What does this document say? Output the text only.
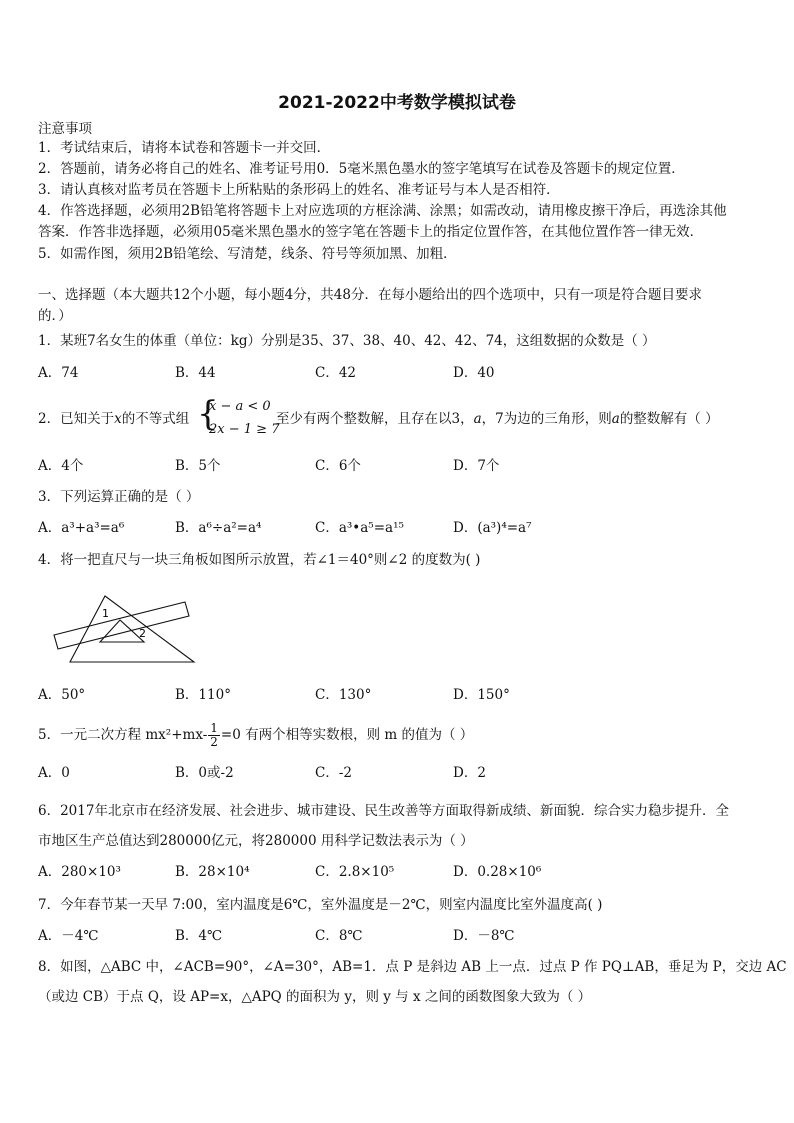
2021-2022中考数学模拟试卷
注意事项
1．考试结束后，请将本试卷和答题卡一并交回．
2．答题前，请务必将自己的姓名、准考证号用0．5毫米黑色墨水的签字笔填写在试卷及答题卡的规定位置．
3．请认真核对监考员在答题卡上所粘贴的条形码上的姓名、准考证号与本人是否相符．
4．作答选择题，必须用2B铅笔将答题卡上对应选项的方框涂满、涂黑；如需改动，请用橡皮擦干净后，再选涂其他
答案．作答非选择题，必须用05毫米黑色墨水的签字笔在答题卡上的指定位置作答，在其他位置作答一律无效．
5．如需作图，须用2B铅笔绘、写清楚，线条、符号等须加黑、加粗．
一、选择题（本大题共12个小题，每小题4分，共48分．在每小题给出的四个选项中，只有一项是符合题目要求
的．）
1．某班7名女生的体重（单位：kg）分别是35、37、38、40、42、42、74，这组数据的众数是（ ）
A．74	B．44	C．42	D．40
2．已知关于x的不等式组 {
x − a < 0
2x − 1 ≥ 7
至少有两个整数解，且存在以3，a，7为边的三角形，则a的整数解有（ ）
A．4个	B．5个	C．6个	D．7个
3．下列运算正确的是（ ）
A．a³+a³=a⁶	B．a⁶÷a²=a⁴	C．a³•a⁵=a¹⁵	D．(a³)⁴=a⁷
4．将一把直尺与一块三角板如图所示放置，若∠1＝40°则∠2 的度数为( )
1
2
A．50°	B．110°	C．130°	D．150°
5．一元二次方程 $mx^2+mx- \frac{1}{2} =0$ 有两个相等实数根，则 m 的值为（ ）
A．0	B．0或-2	C．-2	D．2
6．2017年北京市在经济发展、社会进步、城市建设、民生改善等方面取得新成绩、新面貌．综合实力稳步提升．全
市地区生产总值达到280000亿元，将280000 用科学记数法表示为（ ）
A．280×10³	B．28×10⁴	C．2.8×10⁵	D．0.28×10⁶
7．今年春节某一天早 7:00，室内温度是6℃，室外温度是－2℃，则室内温度比室外温度高( )
A．－4℃	B．4℃	C．8℃	D．－8℃
8．如图，△ABC 中，∠ACB=90°，∠A=30°，AB=1．点 P 是斜边 AB 上一点．过点 P 作 PQ⊥AB，垂足为 P，交边 AC
（或边 CB）于点 Q，设 AP=x，△APQ 的面积为 y，则 y 与 x 之间的函数图象大致为（ ）
